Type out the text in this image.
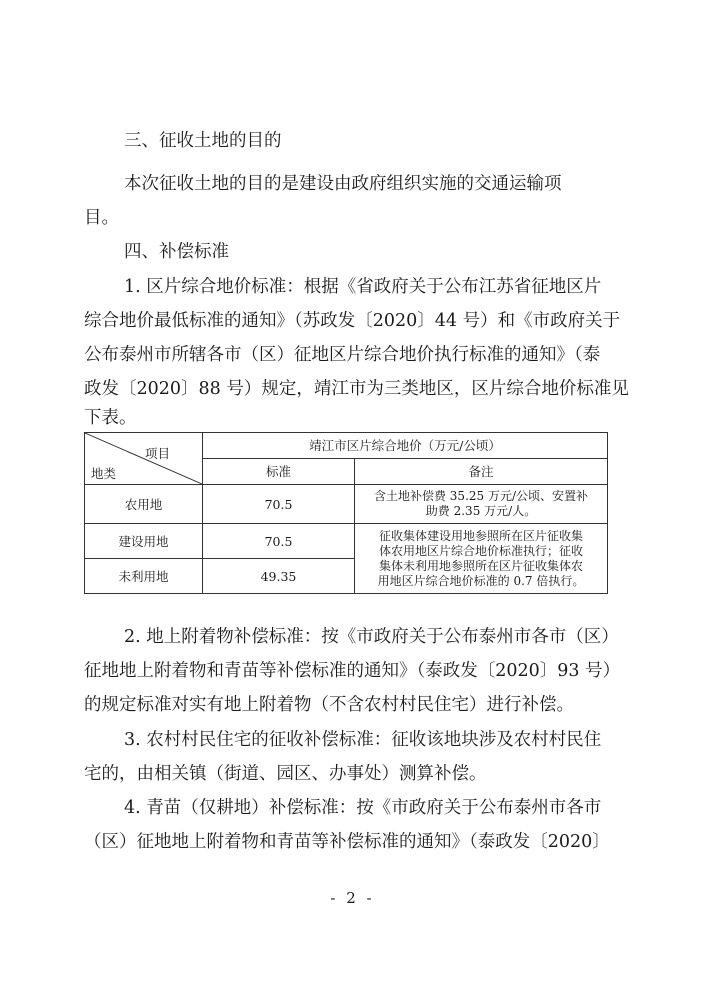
三、征收土地的目的
本次征收土地的目的是建设由政府组织实施的交通运输项
目。
四、补偿标准
1. 区片综合地价标准：根据《省政府关于公布江苏省征地区片
综合地价最低标准的通知》（苏政发〔2020〕44 号）和《市政府关于
公布泰州市所辖各市（区）征地区片综合地价执行标准的通知》（泰
政发〔2020〕88 号）规定，靖江市为三类地区，区片综合地价标准见
下表。
项目
地类	靖江市区片综合地价（万元/公顷）	
	标准	备注
农用地	70.5	含土地补偿费 35.25 万元/公顷、安置补
助费 2.35 万元/人。

建设用地	70.5	征收集体建设用地参照所在区片征收集
体农用地区片综合地价标准执行；征收
集体未利用地参照所在区片征收集体农
用地区片综合地价标准的 0.7 倍执行。

未利用地	49.35	
2. 地上附着物补偿标准：按《市政府关于公布泰州市各市（区）
征地地上附着物和青苗等补偿标准的通知》（泰政发〔2020〕93 号）
的规定标准对实有地上附着物（不含农村村民住宅）进行补偿。
3. 农村村民住宅的征收补偿标准：征收该地块涉及农村村民住
宅的，由相关镇（街道、园区、办事处）测算补偿。
4. 青苗（仅耕地）补偿标准：按《市政府关于公布泰州市各市
（区）征地地上附着物和青苗等补偿标准的通知》（泰政发〔2020〕
- 2 -
